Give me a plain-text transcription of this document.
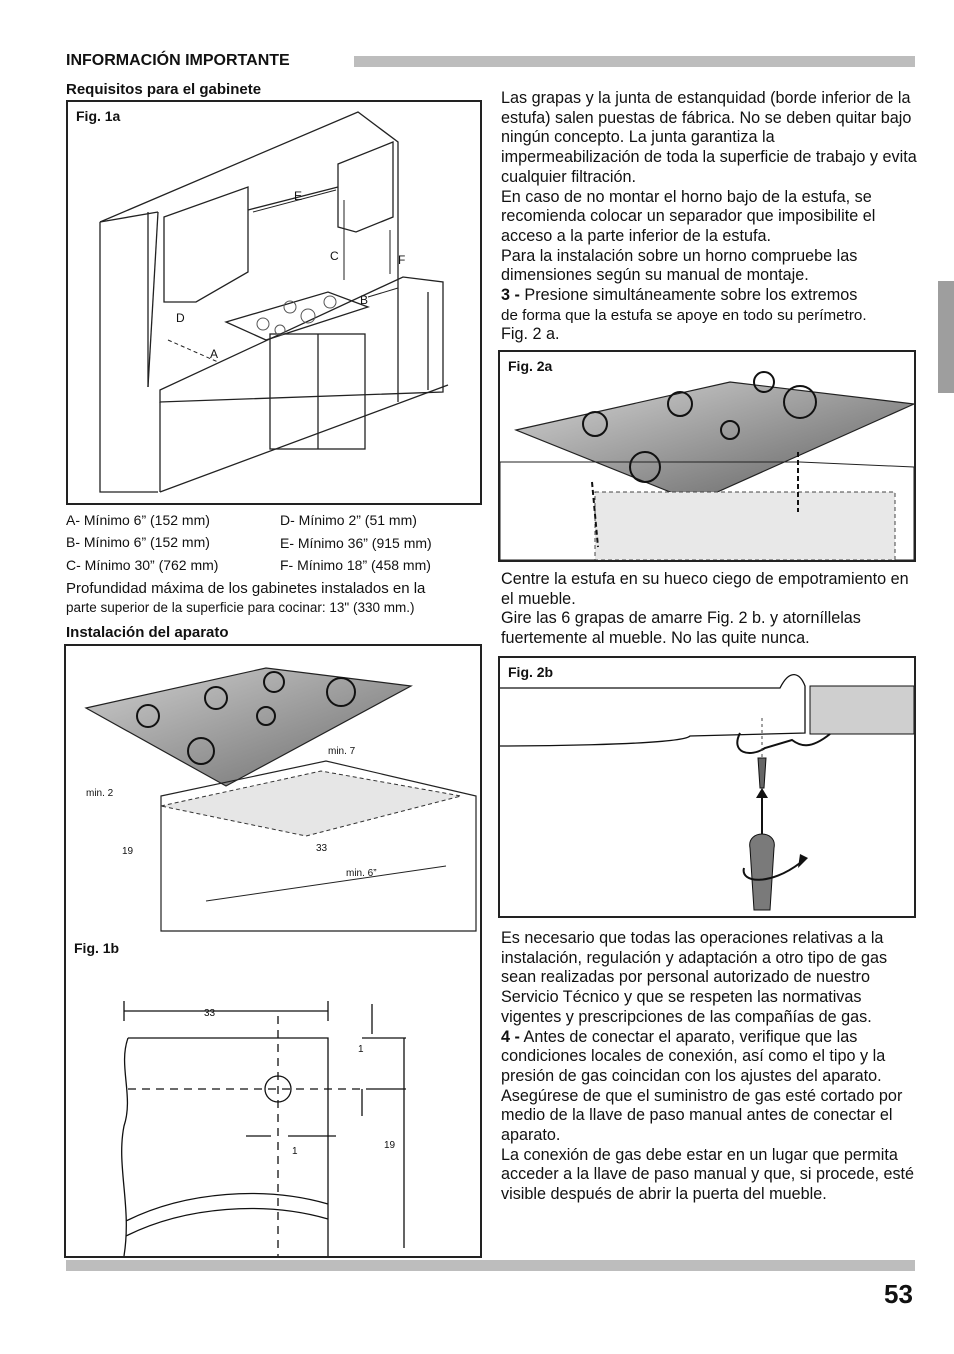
INFORMACIÓN IMPORTANTE
Requisitos para el gabinete
Fig. 1a
E
C	F
B
D
A
A- Mínimo 6” (152 mm)	D- Mínimo 2” (51 mm)
B- Mínimo 6” (152 mm)	E- Mínimo 36” (915 mm)
C- Mínimo 30” (762 mm)	F- Mínimo 18” (458 mm)
Profundidad máxima de los gabinetes instalados en la
parte superior de la superficie para cocinar: 13" (330 mm.)
Instalación del aparato
min. 7
min. 2
19	33
min. 6”
Fig. 1b
33
1
1
19

Las grapas y la junta de estanquidad (borde inferior de la estufa) salen puestas de fábrica. No se deben quitar bajo ningún concepto. La junta garantiza la impermeabilización de toda la superficie de trabajo y evita cualquier filtración.

En caso de no montar el horno bajo de la estufa, se recomienda colocar un separador que imposibilite el acceso a la parte inferior de la estufa.

Para la instalación sobre un horno compruebe las dimensiones según su manual de montaje.

3 - Presione simultáneamente sobre los extremos

de forma que la estufa se apoye en todo su perímetro.

Fig. 2 a.

Fig. 2a

Centre la estufa en su hueco ciego de empotramiento en el mueble.

Gire las 6 grapas de amarre Fig. 2 b. y atorníllelas fuertemente al mueble. No las quite nunca.

Fig. 2b

Es necesario que todas las operaciones relativas a la instalación, regulación y adaptación a otro tipo de gas sean realizadas por personal autorizado de nuestro Servicio Técnico y que se respeten las normativas vigentes y prescripciones de las compañías de gas.

4 - Antes de conectar el aparato, verifique que las condiciones locales de conexión, así como el tipo y la presión de gas coincidan con los ajustes del aparato.

Asegúrese de que el suministro de gas esté cortado por medio de la llave de paso manual antes de conectar el aparato.

La conexión de gas debe estar en un lugar que permita acceder a la llave de paso manual y que, si procede, esté visible después de abrir la puerta del mueble.

53
